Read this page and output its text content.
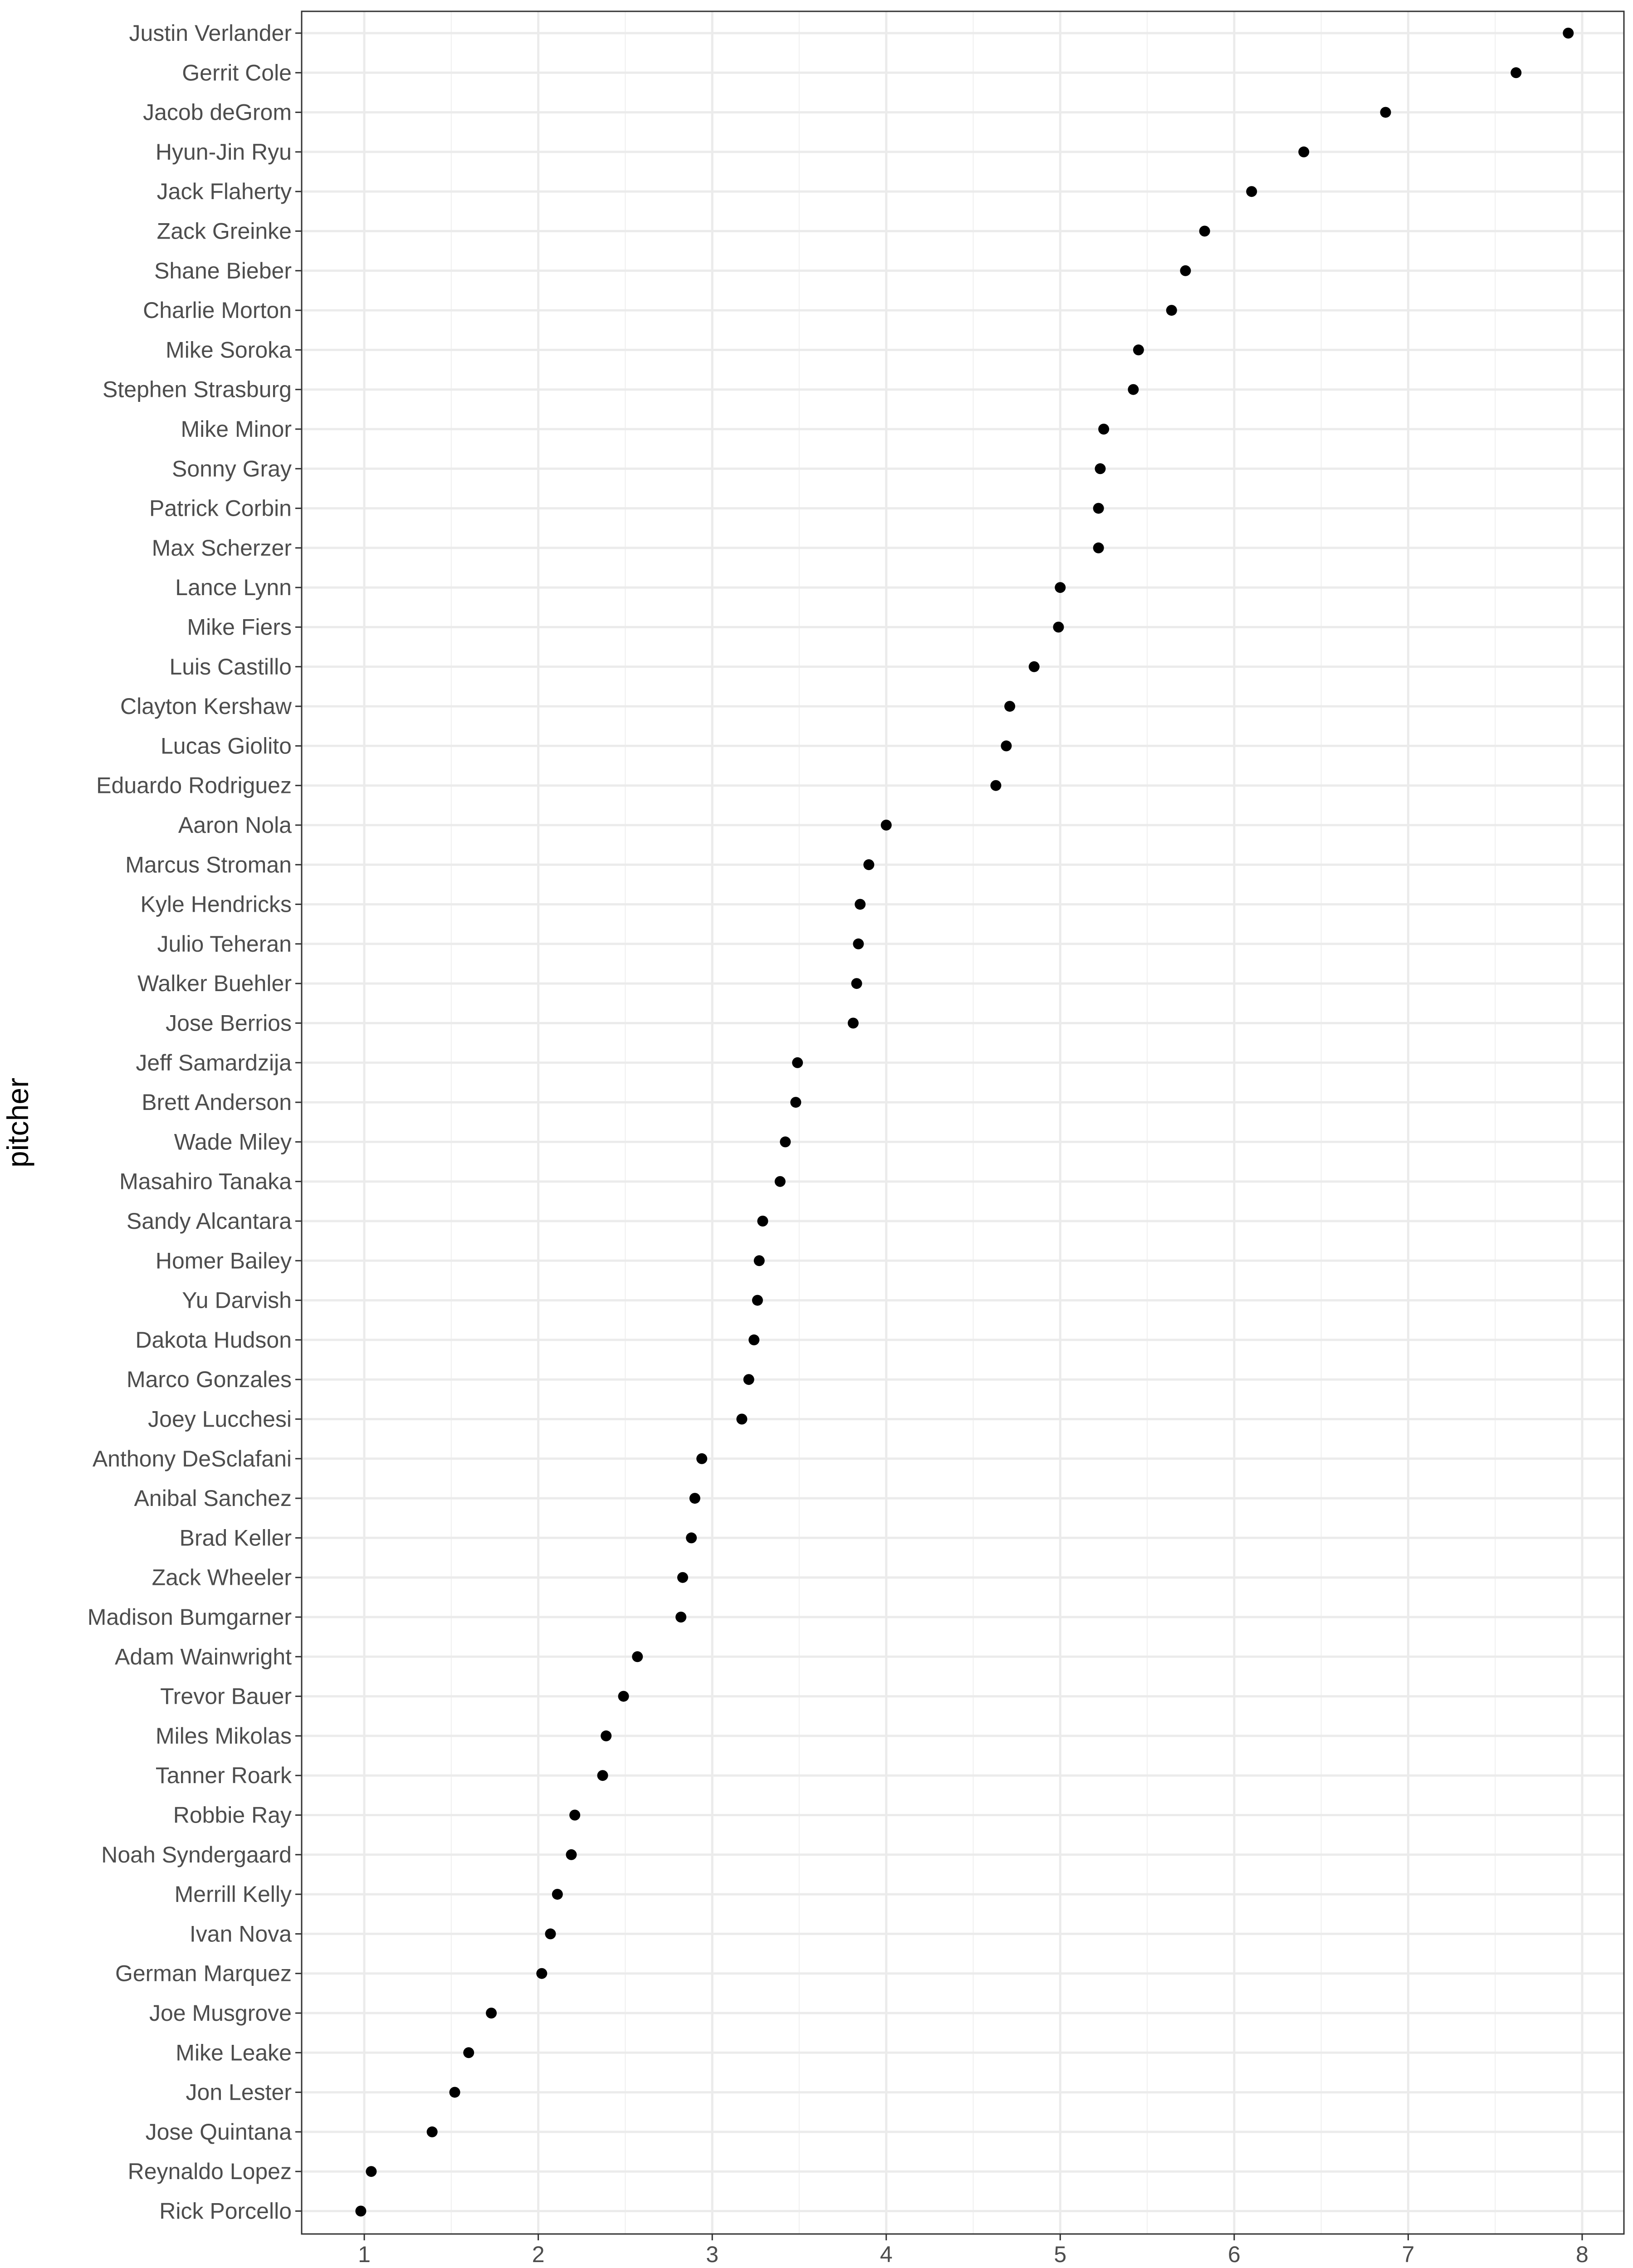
Justin Verlander
Gerrit Cole
Jacob deGrom
Hyun-Jin Ryu
Jack Flaherty
Zack Greinke
Shane Bieber
Charlie Morton
Mike Soroka
Stephen Strasburg
Mike Minor
Sonny Gray
Patrick Corbin
Max Scherzer
Lance Lynn
Mike Fiers
Luis Castillo
Clayton Kershaw
Lucas Giolito
Eduardo Rodriguez
Aaron Nola
Marcus Stroman
Kyle Hendricks
Julio Teheran
Walker Buehler
Jose Berrios
Jeff Samardzija
Brett Anderson
Wade Miley
Masahiro Tanaka
Sandy Alcantara
Homer Bailey
Yu Darvish
Dakota Hudson
Marco Gonzales
Joey Lucchesi
Anthony DeSclafani
Anibal Sanchez
Brad Keller
Zack Wheeler
Madison Bumgarner
Adam Wainwright
Trevor Bauer
Miles Mikolas
Tanner Roark
Robbie Ray
Noah Syndergaard
Merrill Kelly
Ivan Nova
German Marquez
Joe Musgrove
Mike Leake
Jon Lester
Jose Quintana
Reynaldo Lopez
Rick Porcello
1	2	3	4	5	6	7	8
pitcher
